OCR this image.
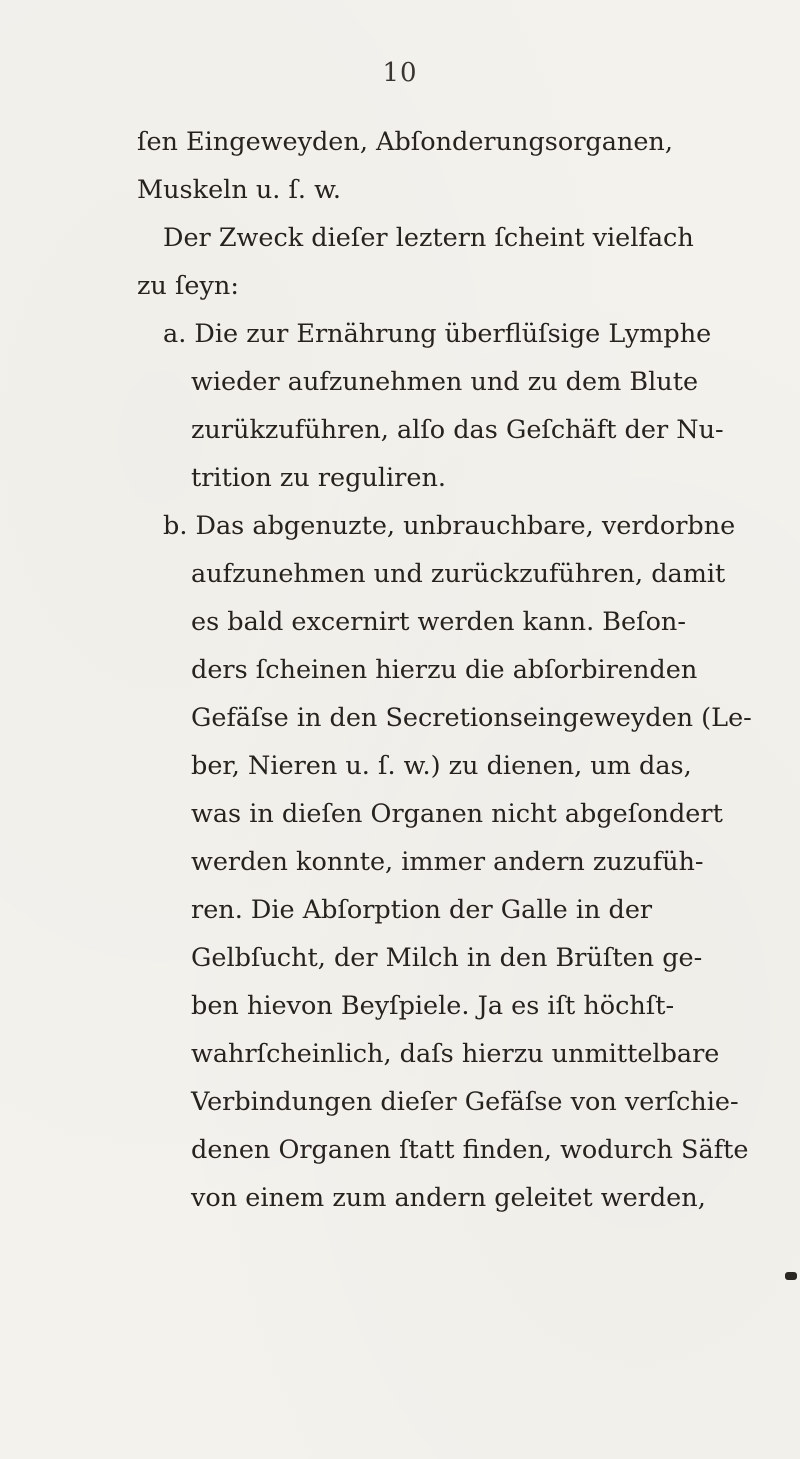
10
ſen Eingeweyden, Abſonderungsorganen,
Muskeln u. ſ. w.
Der Zweck dieſer leztern ſcheint vielfach
zu ſeyn:
a. Die zur Ernährung überflüſsige Lymphe
wieder aufzunehmen und zu dem Blute
zurükzuführen, alſo das Geſchäft der Nu-
trition zu reguliren.
b. Das abgenuzte, unbrauchbare, verdorbne
aufzunehmen und zurückzuführen, damit
es bald excernirt werden kann. Beſon-
ders ſcheinen hierzu die abſorbirenden
Gefäſse in den Secretionseingeweyden (Le-
ber, Nieren u. ſ. w.) zu dienen, um das,
was in dieſen Organen nicht abgeſondert
werden konnte, immer andern zuzufüh-
ren. Die Abſorption der Galle in der
Gelbſucht, der Milch in den Brüſten ge-
ben hievon Beyſpiele. Ja es iſt höchſt-
wahrſcheinlich, daſs hierzu unmittelbare
Verbindungen dieſer Gefäſse von verſchie-
denen Organen ſtatt finden, wodurch Säfte
von einem zum andern geleitet werden,
